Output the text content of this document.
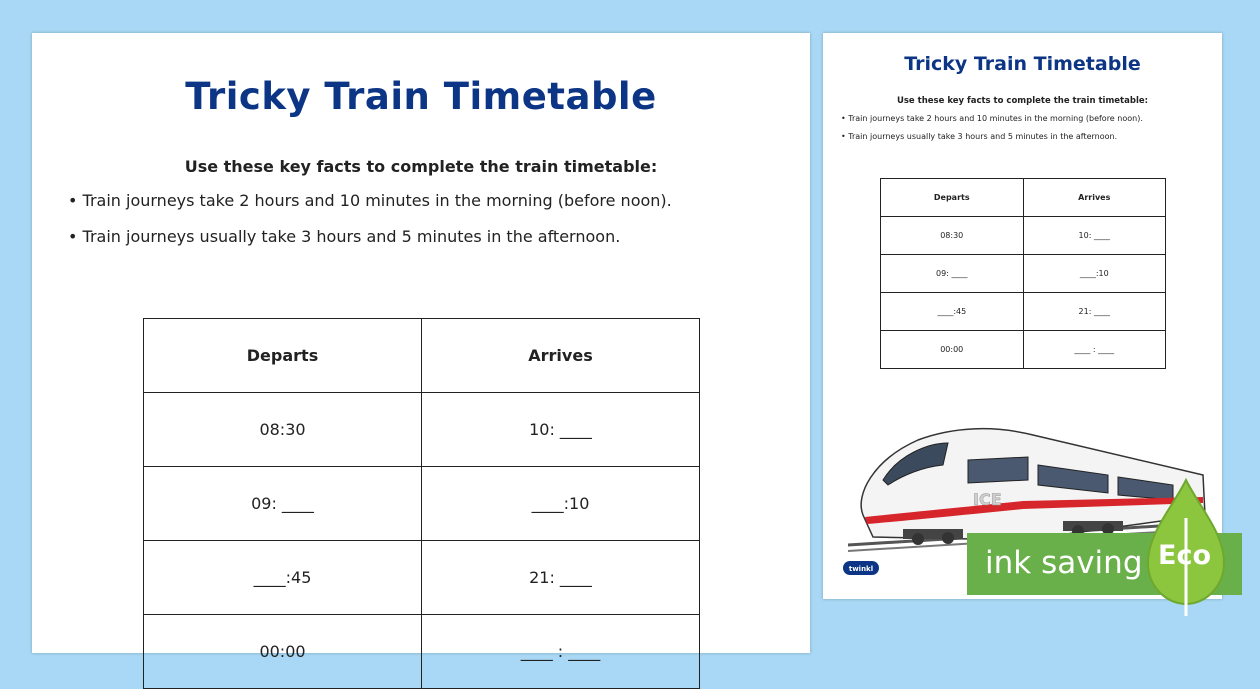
Tricky Train Timetable
Use these key facts to complete the train timetable:
• Train journeys take 2 hours and 10 minutes in the morning (before noon).
• Train journeys usually take 3 hours and 5 minutes in the afternoon.
Departs	Arrives
08:30	10: ____
09: ____	____:10
____:45	21: ____
00:00	____ : ____
Tricky Train Timetable
Use these key facts to complete the train timetable:
• Train journeys take 2 hours and 10 minutes in the morning (before noon).
• Train journeys usually take 3 hours and 5 minutes in the afternoon.
Departs	Arrives
08:30	10: ____
09: ____	____:10
____:45	21: ____
00:00	____ : ____
ICE
twinkl	ink saving Eco
